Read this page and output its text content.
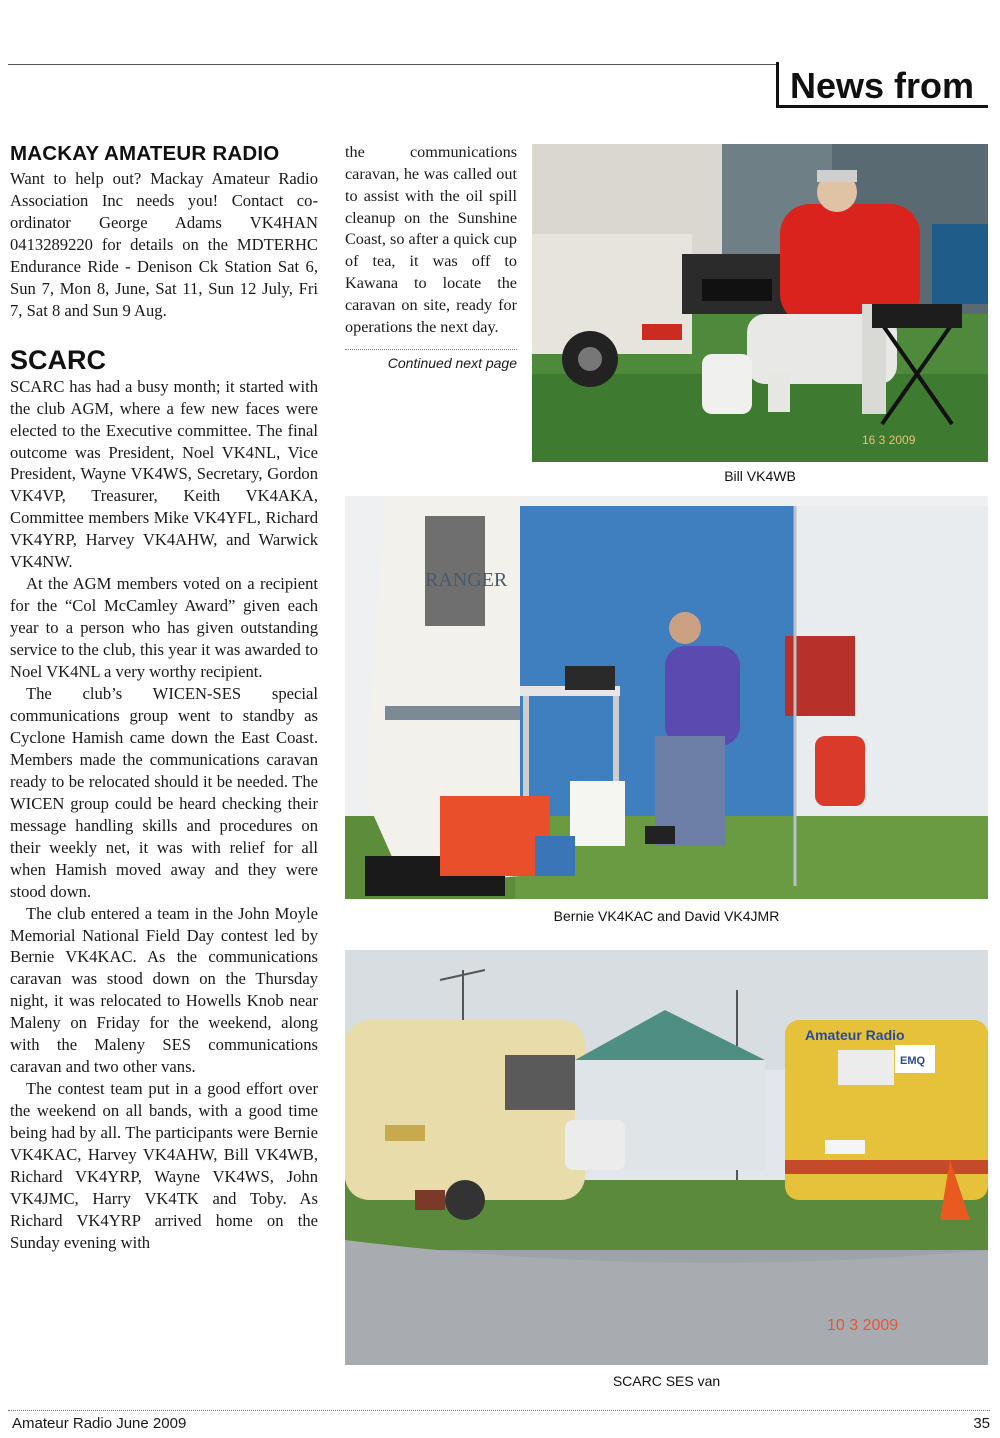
News from
MACKAY AMATEUR RADIO

Want to help out? Mackay Amateur Radio Association Inc needs you! Contact co-ordinator George Adams VK4HAN 0413289220 for details on the MDTERHC Endurance Ride - Denison Ck Station Sat 6, Sun 7, Mon 8, June, Sat 11, Sun 12 July, Fri 7, Sat 8 and Sun 9 Aug.

SCARC

SCARC has had a busy month; it started with the club AGM, where a few new faces were elected to the Executive committee. The final outcome was President, Noel VK4NL, Vice President, Wayne VK4WS, Secretary, Gordon VK4VP, Treasurer, Keith VK4AKA, Committee members Mike VK4YFL, Richard VK4YRP, Harvey VK4AHW, and Warwick VK4NW.

At the AGM members voted on a recipient for the “Col McCamley Award” given each year to a person who has given outstanding service to the club, this year it was awarded to Noel VK4NL a very worthy recipient.

The club’s WICEN-SES special communications group went to standby as Cyclone Hamish came down the East Coast. Members made the communications caravan ready to be relocated should it be needed. The WICEN group could be heard checking their message handling skills and procedures on their weekly net, it was with relief for all when Hamish moved away and they were stood down.

The club entered a team in the John Moyle Memorial National Field Day contest led by Bernie VK4KAC. As the communications caravan was stood down on the Thursday night, it was relocated to Howells Knob near Maleny on Friday for the weekend, along with the Maleny SES communications caravan and two other vans.

The contest team put in a good effort over the weekend on all bands, with a good time being had by all. The participants were Bernie VK4KAC, Harvey VK4AHW, Bill VK4WB, Richard VK4YRP, Wayne VK4WS, John VK4JMC, Harry VK4TK and Toby. As Richard VK4YRP arrived home on the Sunday evening with

the communications caravan, he was called out to assist with the oil spill cleanup on the Sunshine Coast, so after a quick cup of tea, it was off to Kawana to locate the caravan on site, ready for operations the next day.

Continued next page
16 3 2009
Bill VK4WB
RANGER
Bernie VK4KAC and David VK4JMR
Amateur Radio
EMQ
10 3 2009
SCARC SES van
Amateur Radio June 2009	35
